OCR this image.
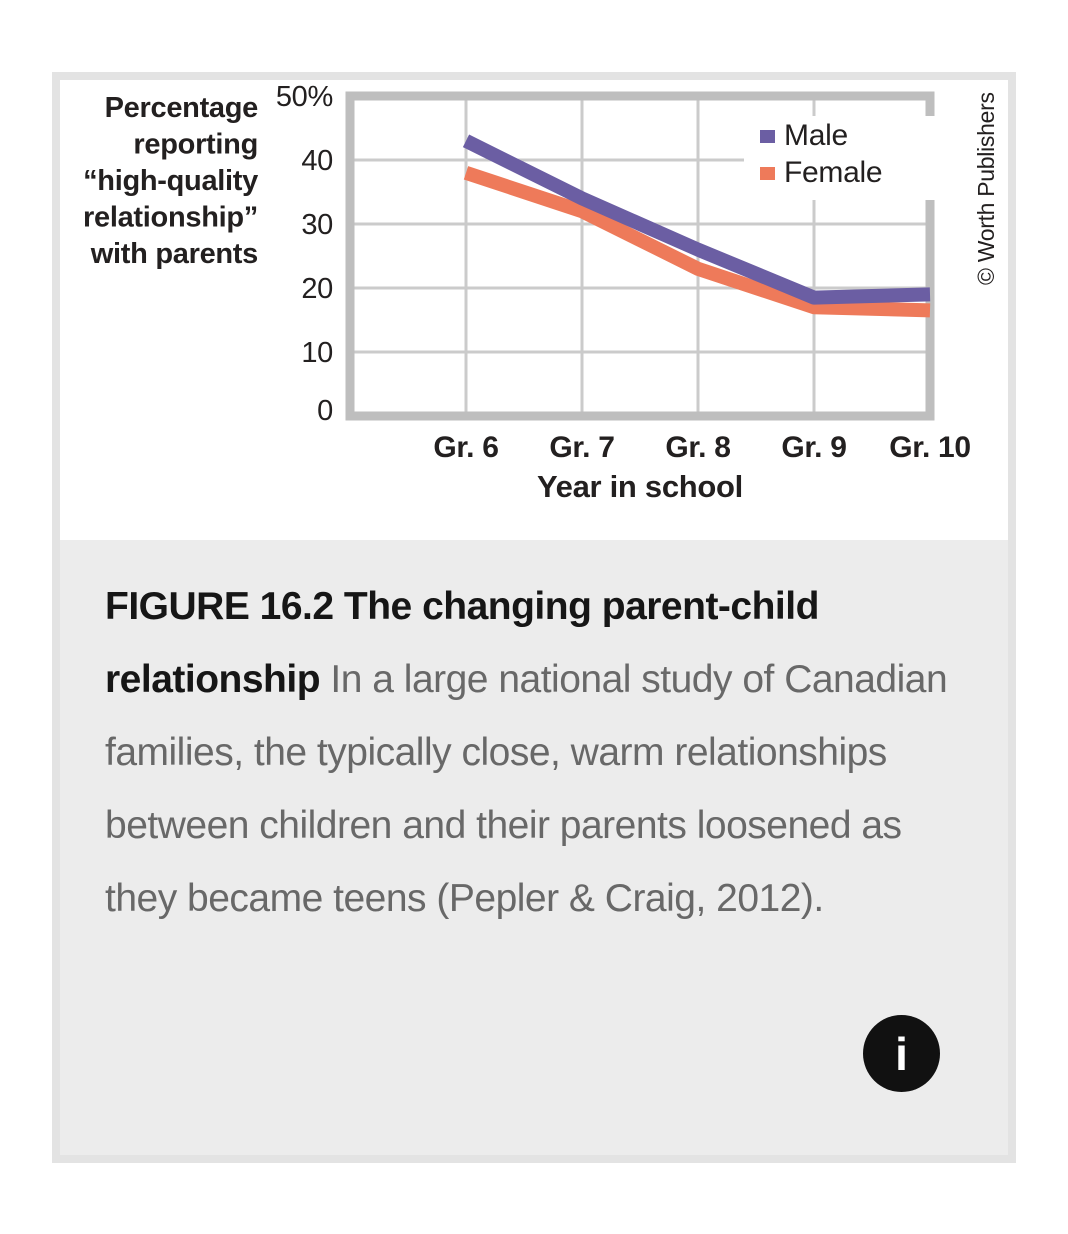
Male
Female
50%
40
30
20
10
0
Percentage
reporting
“high-quality
relationship”
with parents
Gr. 6 Gr. 7 Gr. 8 Gr. 9 Gr. 10
Year in school
© Worth Publishers

FIGURE 16.2 The changing parent-child relationship In a large national study of Canadian families, the typically close, warm relationships between children and their parents loosened as they became teens (Pepler & Craig, 2012).

i
